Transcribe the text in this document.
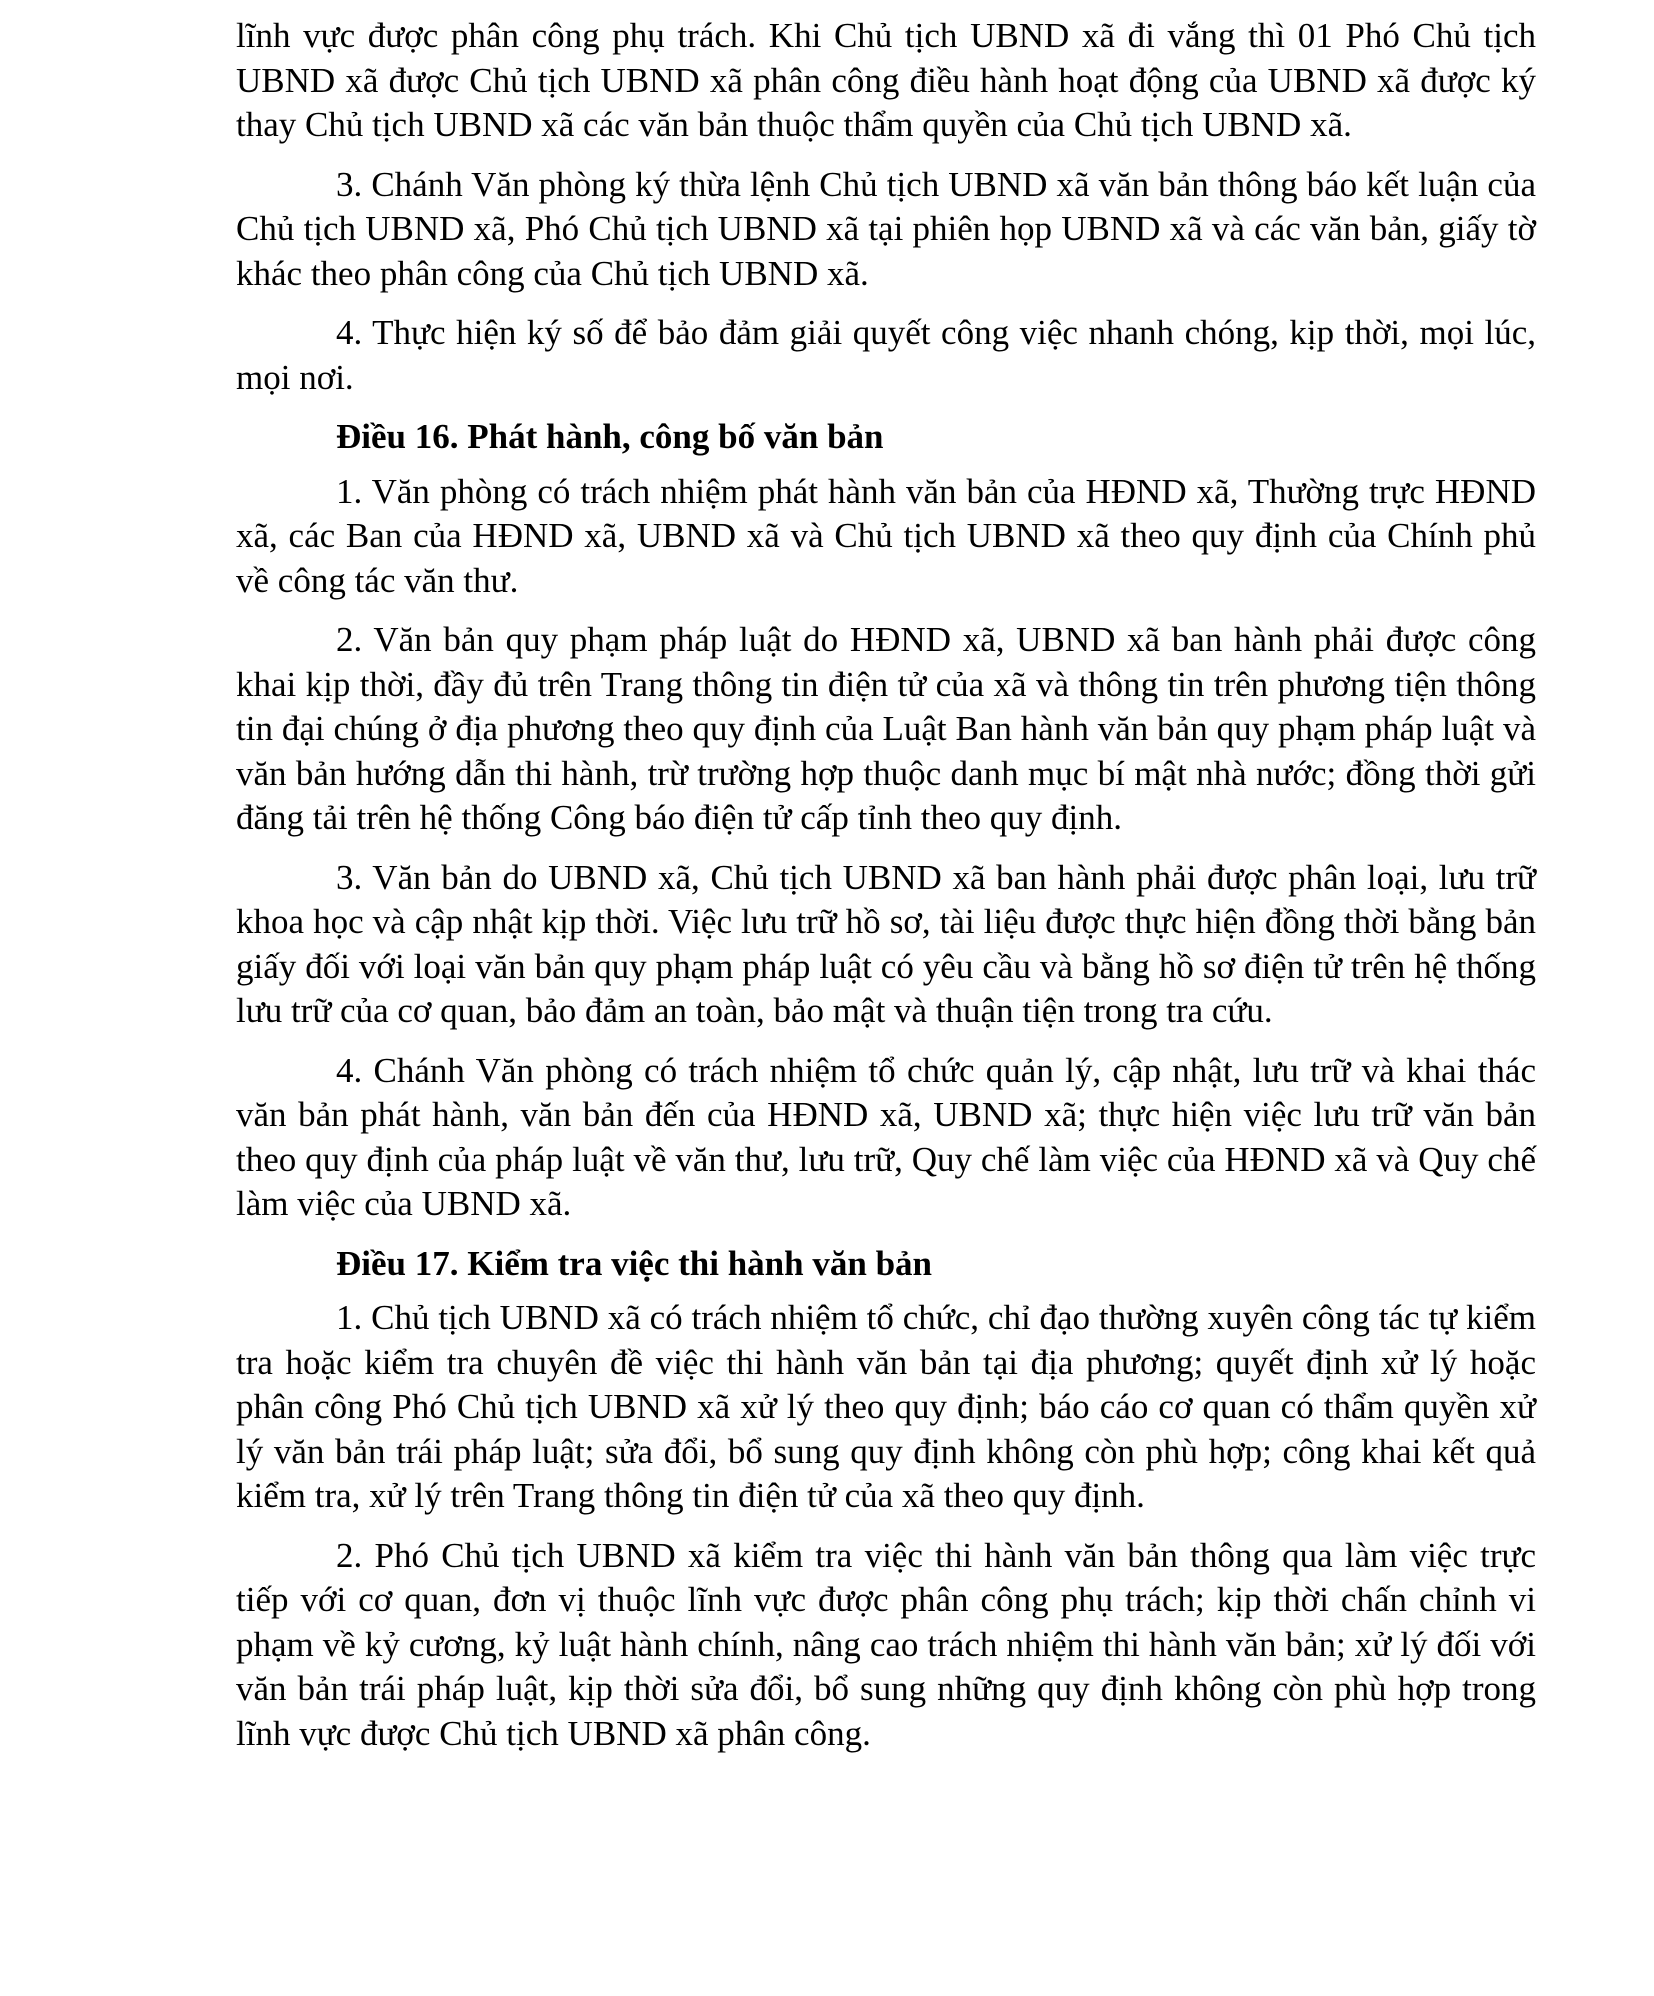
lĩnh vực được phân công phụ trách. Khi Chủ tịch UBND xã đi vắng thì 01 Phó Chủ tịch UBND xã được Chủ tịch UBND xã phân công điều hành hoạt động của UBND xã được ký thay Chủ tịch UBND xã các văn bản thuộc thẩm quyền của Chủ tịch UBND xã.

3. Chánh Văn phòng ký thừa lệnh Chủ tịch UBND xã văn bản thông báo kết luận của Chủ tịch UBND xã, Phó Chủ tịch UBND xã tại phiên họp UBND xã và các văn bản, giấy tờ khác theo phân công của Chủ tịch UBND xã.

4. Thực hiện ký số để bảo đảm giải quyết công việc nhanh chóng, kịp thời, mọi lúc, mọi nơi.

Điều 16. Phát hành, công bố văn bản

1. Văn phòng có trách nhiệm phát hành văn bản của HĐND xã, Thường trực HĐND xã, các Ban của HĐND xã, UBND xã và Chủ tịch UBND xã theo quy định của Chính phủ về công tác văn thư.

2. Văn bản quy phạm pháp luật do HĐND xã, UBND xã ban hành phải được công khai kịp thời, đầy đủ trên Trang thông tin điện tử của xã và thông tin trên phương tiện thông tin đại chúng ở địa phương theo quy định của Luật Ban hành văn bản quy phạm pháp luật và văn bản hướng dẫn thi hành, trừ trường hợp thuộc danh mục bí mật nhà nước; đồng thời gửi đăng tải trên hệ thống Công báo điện tử cấp tỉnh theo quy định.

3. Văn bản do UBND xã, Chủ tịch UBND xã ban hành phải được phân loại, lưu trữ khoa học và cập nhật kịp thời. Việc lưu trữ hồ sơ, tài liệu được thực hiện đồng thời bằng bản giấy đối với loại văn bản quy phạm pháp luật có yêu cầu và bằng hồ sơ điện tử trên hệ thống lưu trữ của cơ quan, bảo đảm an toàn, bảo mật và thuận tiện trong tra cứu.

4. Chánh Văn phòng có trách nhiệm tổ chức quản lý, cập nhật, lưu trữ và khai thác văn bản phát hành, văn bản đến của HĐND xã, UBND xã; thực hiện việc lưu trữ văn bản theo quy định của pháp luật về văn thư, lưu trữ, Quy chế làm việc của HĐND xã và Quy chế làm việc của UBND xã.

Điều 17. Kiểm tra việc thi hành văn bản

1. Chủ tịch UBND xã có trách nhiệm tổ chức, chỉ đạo thường xuyên công tác tự kiểm tra hoặc kiểm tra chuyên đề việc thi hành văn bản tại địa phương; quyết định xử lý hoặc phân công Phó Chủ tịch UBND xã xử lý theo quy định; báo cáo cơ quan có thẩm quyền xử lý văn bản trái pháp luật; sửa đổi, bổ sung quy định không còn phù hợp; công khai kết quả kiểm tra, xử lý trên Trang thông tin điện tử của xã theo quy định.

2. Phó Chủ tịch UBND xã kiểm tra việc thi hành văn bản thông qua làm việc trực tiếp với cơ quan, đơn vị thuộc lĩnh vực được phân công phụ trách; kịp thời chấn chỉnh vi phạm về kỷ cương, kỷ luật hành chính, nâng cao trách nhiệm thi hành văn bản; xử lý đối với văn bản trái pháp luật, kịp thời sửa đổi, bổ sung những quy định không còn phù hợp trong lĩnh vực được Chủ tịch UBND xã phân công.
